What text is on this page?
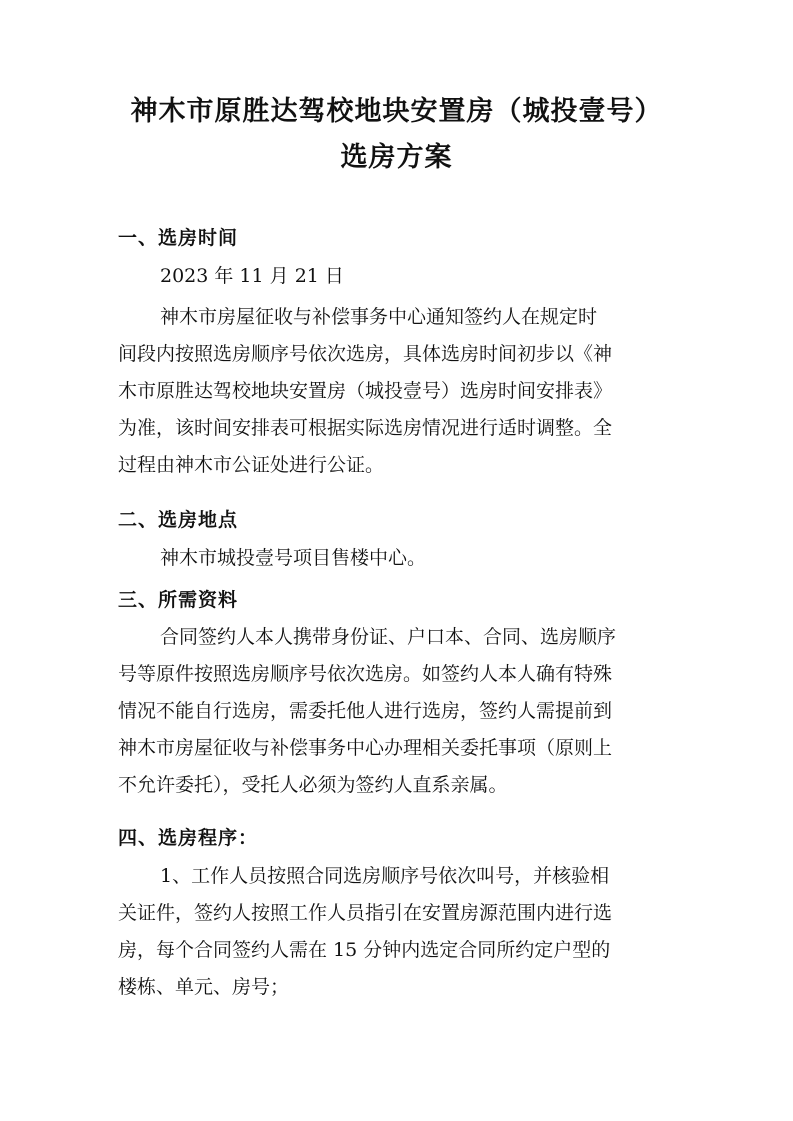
神木市原胜达驾校地块安置房（城投壹号）
选房方案
一、选房时间
2023 年 11 月 21 日
神木市房屋征收与补偿事务中心通知签约人在规定时
间段内按照选房顺序号依次选房，具体选房时间初步以《神
木市原胜达驾校地块安置房（城投壹号）选房时间安排表》
为准，该时间安排表可根据实际选房情况进行适时调整。全
过程由神木市公证处进行公证。
二、选房地点
神木市城投壹号项目售楼中心。
三、所需资料
合同签约人本人携带身份证、户口本、合同、选房顺序
号等原件按照选房顺序号依次选房。如签约人本人确有特殊
情况不能自行选房，需委托他人进行选房，签约人需提前到
神木市房屋征收与补偿事务中心办理相关委托事项（原则上
不允许委托），受托人必须为签约人直系亲属。
四、选房程序：
1、工作人员按照合同选房顺序号依次叫号，并核验相
关证件，签约人按照工作人员指引在安置房源范围内进行选
房，每个合同签约人需在 15 分钟内选定合同所约定户型的
楼栋、单元、房号；
